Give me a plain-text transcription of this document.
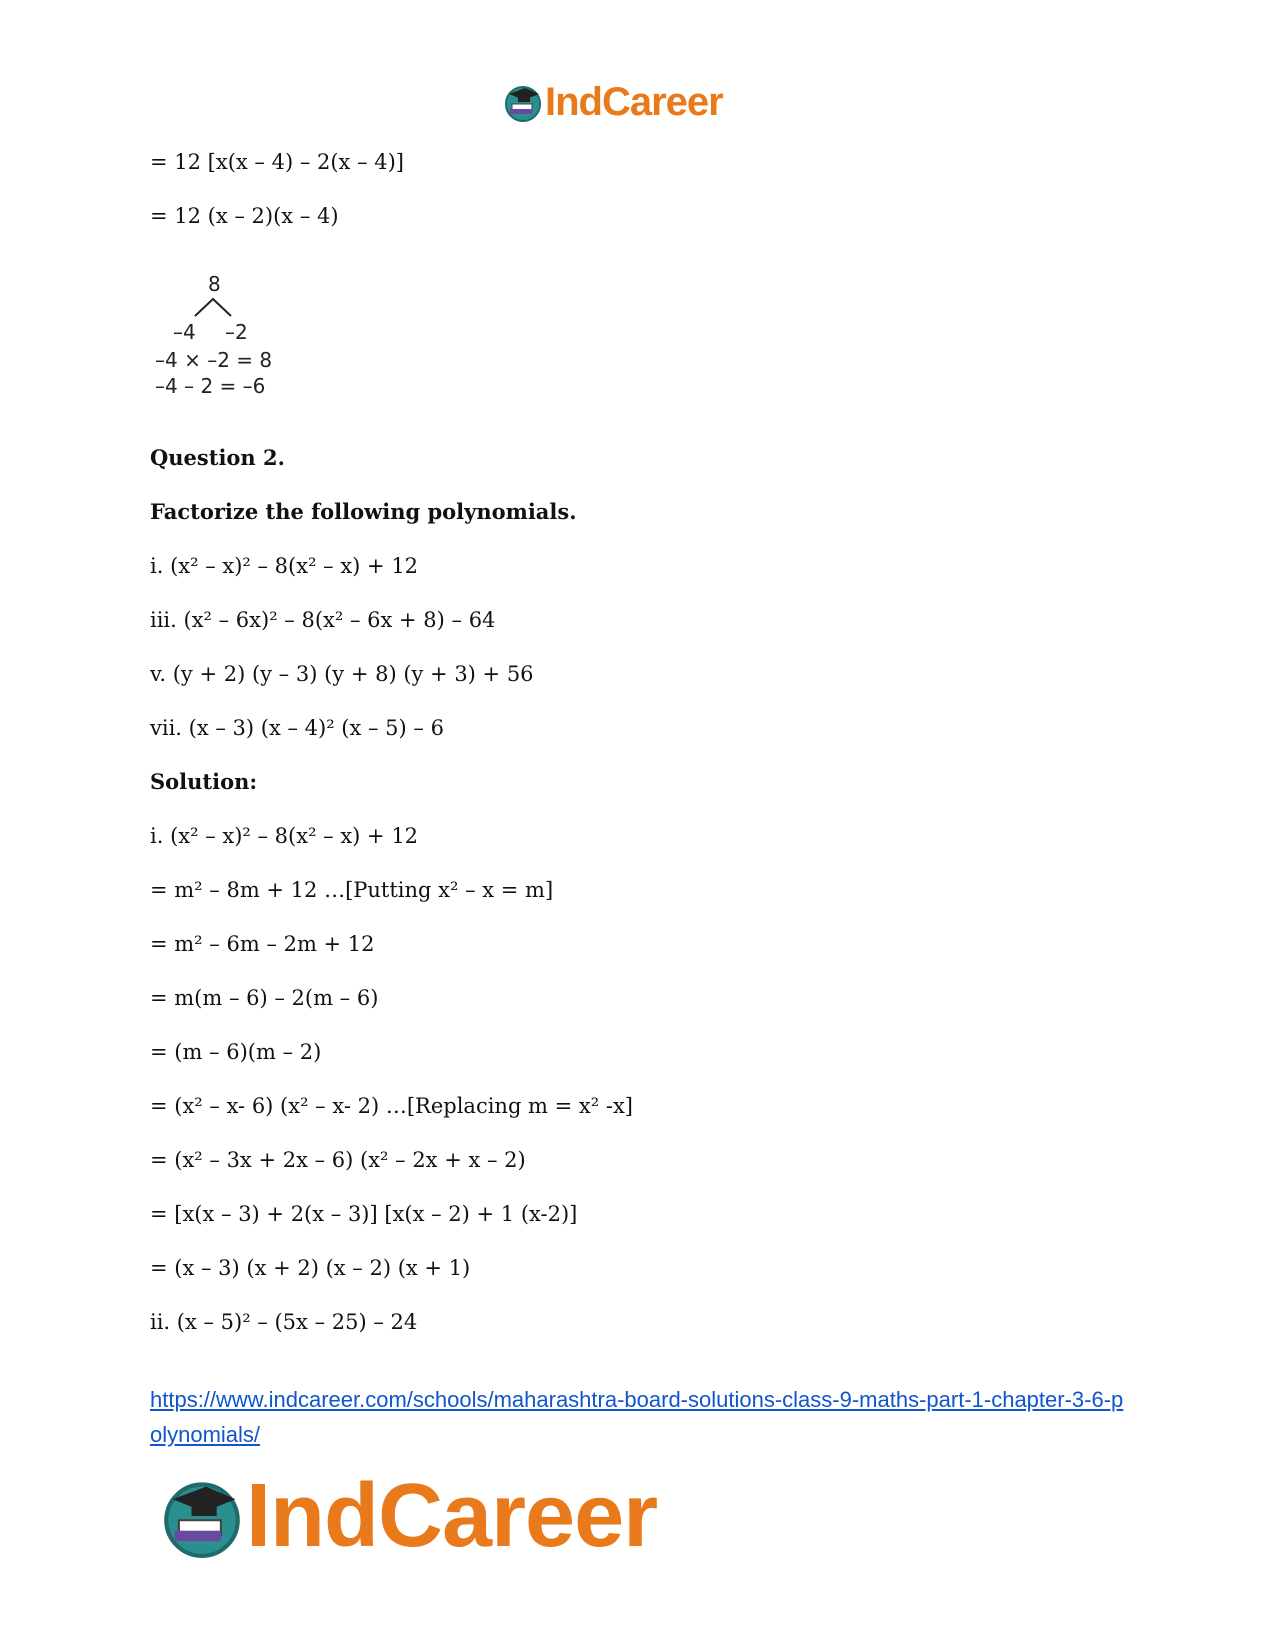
IndCareer
= 12 [x(x – 4) – 2(x – 4)]
= 12 (x – 2)(x – 4)
8
–4 –2
–4 × –2 = 8
–4 – 2 = –6
Question 2.
Factorize the following polynomials.
i. (x² – x)² – 8(x² – x) + 12
iii. (x² – 6x)² – 8(x² – 6x + 8) – 64
v. (y + 2) (y – 3) (y + 8) (y + 3) + 56
vii. (x – 3) (x – 4)² (x – 5) – 6
Solution:
i. (x² – x)² – 8(x² – x) + 12
= m² – 8m + 12 …[Putting x² – x = m]
= m² – 6m – 2m + 12
= m(m – 6) – 2(m – 6)
= (m – 6)(m – 2)
= (x² – x- 6) (x² – x- 2) …[Replacing m = x² -x]
= (x² – 3x + 2x – 6) (x² – 2x + x – 2)
= [x(x – 3) + 2(x – 3)] [x(x – 2) + 1 (x-2)]
= (x – 3) (x + 2) (x – 2) (x + 1)
ii. (x – 5)² – (5x – 25) – 24
https://www.indcareer.com/schools/maharashtra-board-solutions-class-9-maths-part-1-chapter-3-6-polynomials/
IndCareer
